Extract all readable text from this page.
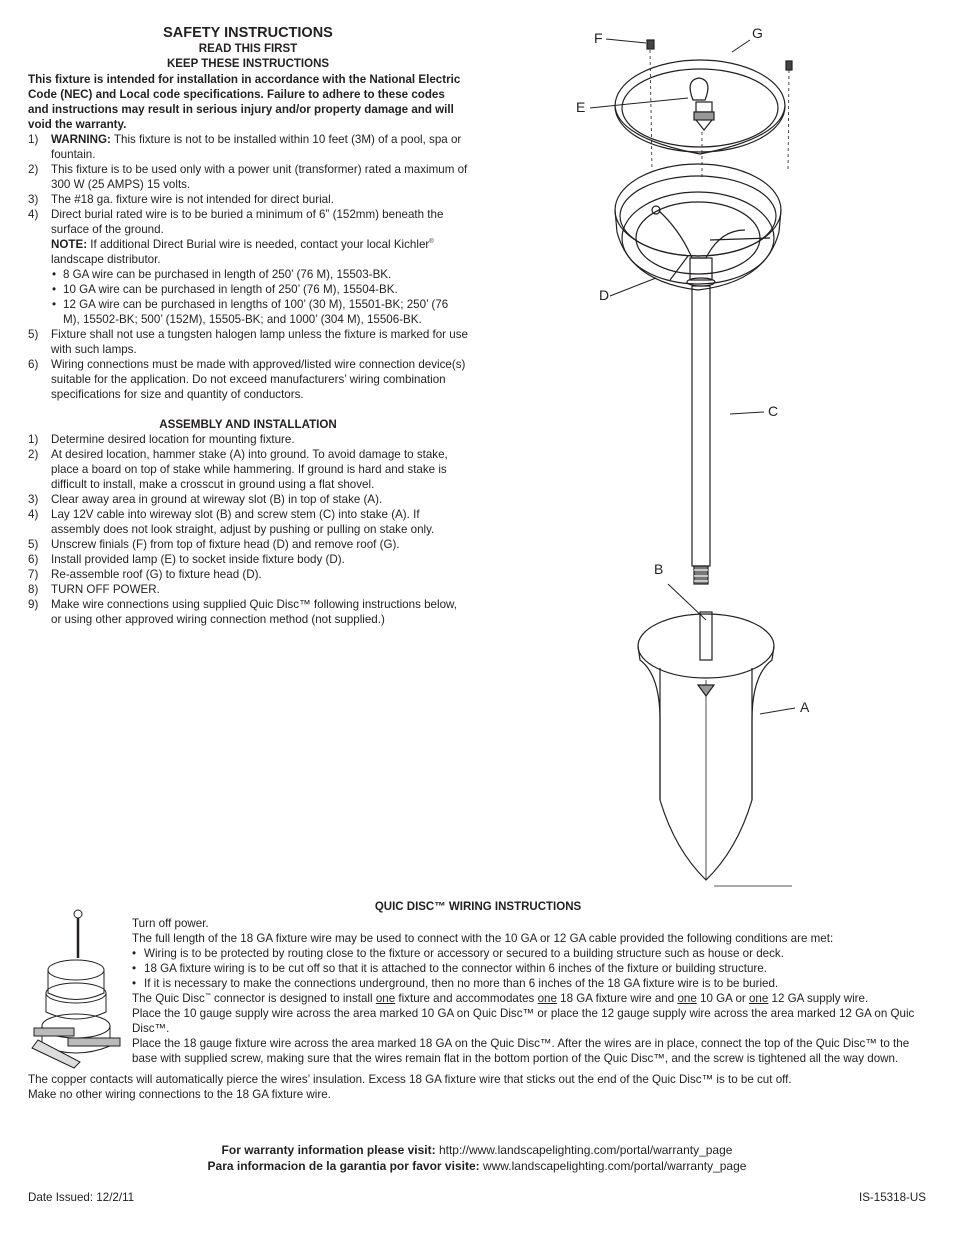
SAFETY INSTRUCTIONS

READ THIS FIRST

KEEP THESE INSTRUCTIONS

This fixture is intended for installation in accordance with the National Electric Code (NEC) and Local code specifications. Failure to adhere to these codes and instructions may result in serious injury and/or property damage and will void the warranty.

1) WARNING: This fixture is not to be installed within 10 feet (3M) of a pool, spa or fountain.
2) This fixture is to be used only with a power unit (transformer) rated a maximum of 300 W (25 AMPS) 15 volts.
3) The #18 ga. fixture wire is not intended for direct burial.
4) Direct burial rated wire is to be buried a minimum of 6” (152mm) beneath the surface of the ground.
NOTE: If additional Direct Burial wire is needed, contact your local Kichler® landscape distributor.
• 8 GA wire can be purchased in length of 250’ (76 M), 15503-BK.
• 10 GA wire can be purchased in length of 250’ (76 M), 15504-BK.
• 12 GA wire can be purchased in lengths of 100’ (30 M), 15501-BK; 250’ (76 M), 15502-BK; 500’ (152M), 15505-BK; and 1000’ (304 M), 15506-BK.
5) Fixture shall not use a tungsten halogen lamp unless the fixture is marked for use with such lamps.
6) Wiring connections must be made with approved/listed wire connection device(s) suitable for the application. Do not exceed manufacturers’ wiring combination specifications for size and quantity of conductors.

ASSEMBLY AND INSTALLATION

1) Determine desired location for mounting fixture.
2) At desired location, hammer stake (A) into ground. To avoid damage to stake, place a board on top of stake while hammering. If ground is hard and stake is difficult to install, make a crosscut in ground using a flat shovel.
3) Clear away area in ground at wireway slot (B) in top of stake (A).
4) Lay 12V cable into wireway slot (B) and screw stem (C) into stake (A). If assembly does not look straight, adjust by pushing or pulling on stake only.
5) Unscrew finials (F) from top of fixture head (D) and remove roof (G).
6) Install provided lamp (E) to socket inside fixture body (D).
7) Re-assemble roof (G) to fixture head (D).
8) TURN OFF POWER.
9) Make wire connections using supplied Quic Disc™ following instructions below, or using other approved wiring connection method (not supplied.)
F	G
E
D
C
B
A
QUIC DISC™ WIRING INSTRUCTIONS

Turn off power.

The full length of the 18 GA fixture wire may be used to connect with the 10 GA or 12 GA cable provided the following conditions are met:

• Wiring is to be protected by routing close to the fixture or accessory or secured to a building structure such as house or deck.
• 18 GA fixture wiring is to be cut off so that it is attached to the connector within 6 inches of the fixture or building structure.
• If it is necessary to make the connections underground, then no more than 6 inches of the 18 GA fixture wire is to be buried.

The Quic Disc™ connector is designed to install one fixture and accommodates one 18 GA fixture wire and one 10 GA or one 12 GA supply wire.

Place the 10 gauge supply wire across the area marked 10 GA on Quic Disc™ or place the 12 gauge supply wire across the area marked 12 GA on Quic Disc™.

Place the 18 gauge fixture wire across the area marked 18 GA on the Quic Disc™. After the wires are in place, connect the top of the Quic Disc™ to the base with supplied screw, making sure that the wires remain flat in the bottom portion of the Quic Disc™, and the screw is tightened all the way down.

The copper contacts will automatically pierce the wires’ insulation. Excess 18 GA fixture wire that sticks out the end of the Quic Disc™ is to be cut off.

Make no other wiring connections to the 18 GA fixture wire.

For warranty information please visit: http://www.landscapelighting.com/portal/warranty_page
Para informacion de la garantia por favor visite: www.landscapelighting.com/portal/warranty_page
Date Issued: 12/2/11	IS-15318-US
